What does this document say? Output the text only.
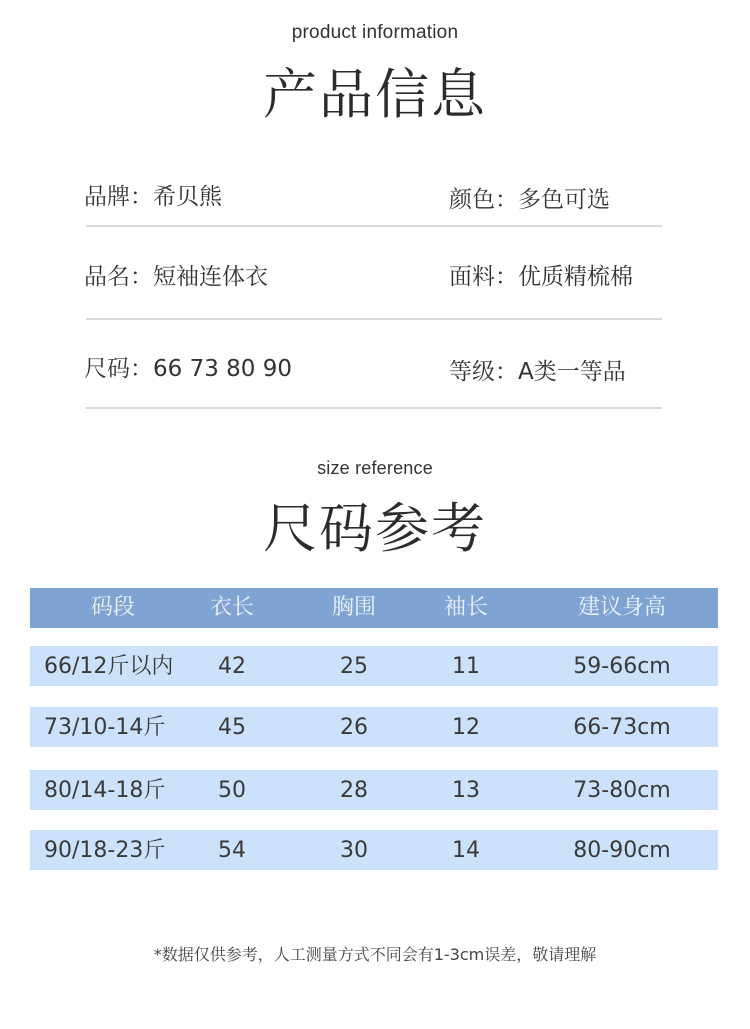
product information
产品信息
品牌：希贝熊	颜色：多色可选
品名：短袖连体衣	面料：优质精梳棉
尺码：66 73 80 90	等级：A类一等品
size reference
尺码参考
码段	衣长	胸围	袖长	建议身高
66/12斤以内	42	25	11	59-66cm
73/10-14斤	45	26	12	66-73cm
80/14-18斤	50	28	13	73-80cm
90/18-23斤	54	30	14	80-90cm
*数据仅供参考，人工测量方式不同会有1-3cm误差，敬请理解
